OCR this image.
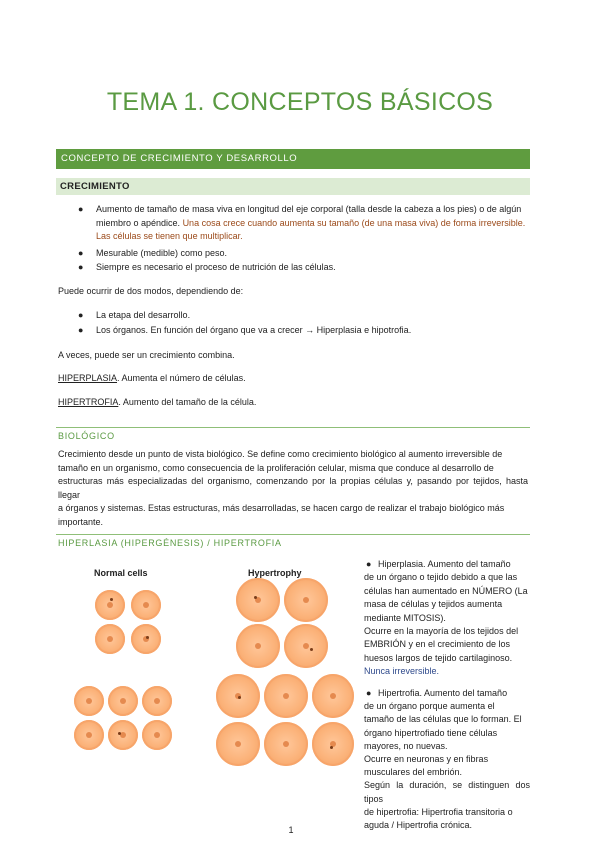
TEMA 1. CONCEPTOS BÁSICOS
CONCEPTO DE CRECIMIENTO Y DESARROLLO
CRECIMIENTO
● Aumento de tamaño de masa viva en longitud del eje corporal (talla desde la cabeza a los pies) o de algún
miembro o apéndice. Una cosa crece cuando aumenta su tamaño (de una masa viva) de forma irreversible.
Las células se tienen que multiplicar.
● Mesurable (medible) como peso.
● Siempre es necesario el proceso de nutrición de las células.
Puede ocurrir de dos modos, dependiendo de:
● La etapa del desarrollo.
● Los órganos. En función del órgano que va a crecer → Hiperplasia e hipotrofia.
A veces, puede ser un crecimiento combina.
HIPERPLASIA. Aumenta el número de células.
HIPERTROFIA. Aumento del tamaño de la célula.
BIOLÓGICO
Crecimiento desde un punto de vista biológico. Se define como crecimiento biológico al aumento irreversible de
tamaño en un organismo, como consecuencia de la proliferación celular, misma que conduce al desarrollo de
estructuras más especializadas del organismo, comenzando por la propias células y, pasando por tejidos, hasta llegar
a órganos y sistemas. Estas estructuras, más desarrolladas, se hacen cargo de realizar el trabajo biológico más
importante.
HIPERLASIA (HIPERGÉNESIS) / HIPERTROFIA
Normal cells	Hypertrophy
● Hiperplasia. Aumento del tamaño
de un órgano o tejido debido a que las
células han aumentado en NÚMERO (La
masa de células y tejidos aumenta
mediante MITOSIS).
Ocurre en la mayoría de los tejidos del
EMBRIÓN y en el crecimiento de los
huesos largos de tejido cartilaginoso.
Nunca irreversible.
● Hipertrofia. Aumento del tamaño
de un órgano porque aumenta el
tamaño de las células que lo forman. El
órgano hipertrofiado tiene células
mayores, no nuevas.
Ocurre en neuronas y en fibras
musculares del embrión.
Según la duración, se distinguen dos tipos
de hipertrofia: Hipertrofia transitoria o
aguda / Hipertrofia crónica.
1
